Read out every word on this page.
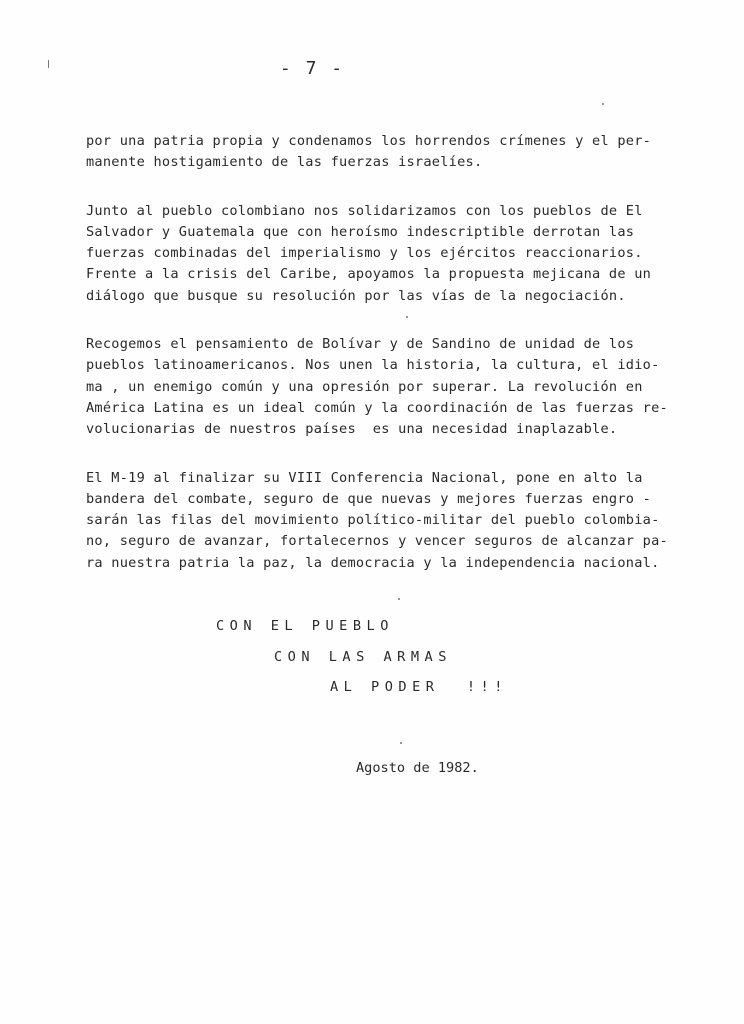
- 7 -
por una patria propia y condenamos los horrendos crímenes y el per-
manente hostigamiento de las fuerzas israelíes.
Junto al pueblo colombiano nos solidarizamos con los pueblos de El
Salvador y Guatemala que con heroísmo indescriptible derrotan las
fuerzas combinadas del imperialismo y los ejércitos reaccionarios.
Frente a la crisis del Caribe, apoyamos la propuesta mejicana de un
diálogo que busque su resolución por las vías de la negociación.
Recogemos el pensamiento de Bolívar y de Sandino de unidad de los
pueblos latinoamericanos. Nos unen la historia, la cultura, el idio-
ma , un enemigo común y una opresión por superar. La revolución en
América Latina es un ideal común y la coordinación de las fuerzas re-
volucionarias de nuestros países  es una necesidad inaplazable.
El M-19 al finalizar su VIII Conferencia Nacional, pone en alto la
bandera del combate, seguro de que nuevas y mejores fuerzas engro -
sarán las filas del movimiento político-militar del pueblo colombia-
no, seguro de avanzar, fortalecernos y vencer seguros de alcanzar pa-
ra nuestra patria la paz, la democracia y la independencia nacional.
CON EL PUEBLO
CON LAS ARMAS
AL PODER  !!!
Agosto de 1982.
